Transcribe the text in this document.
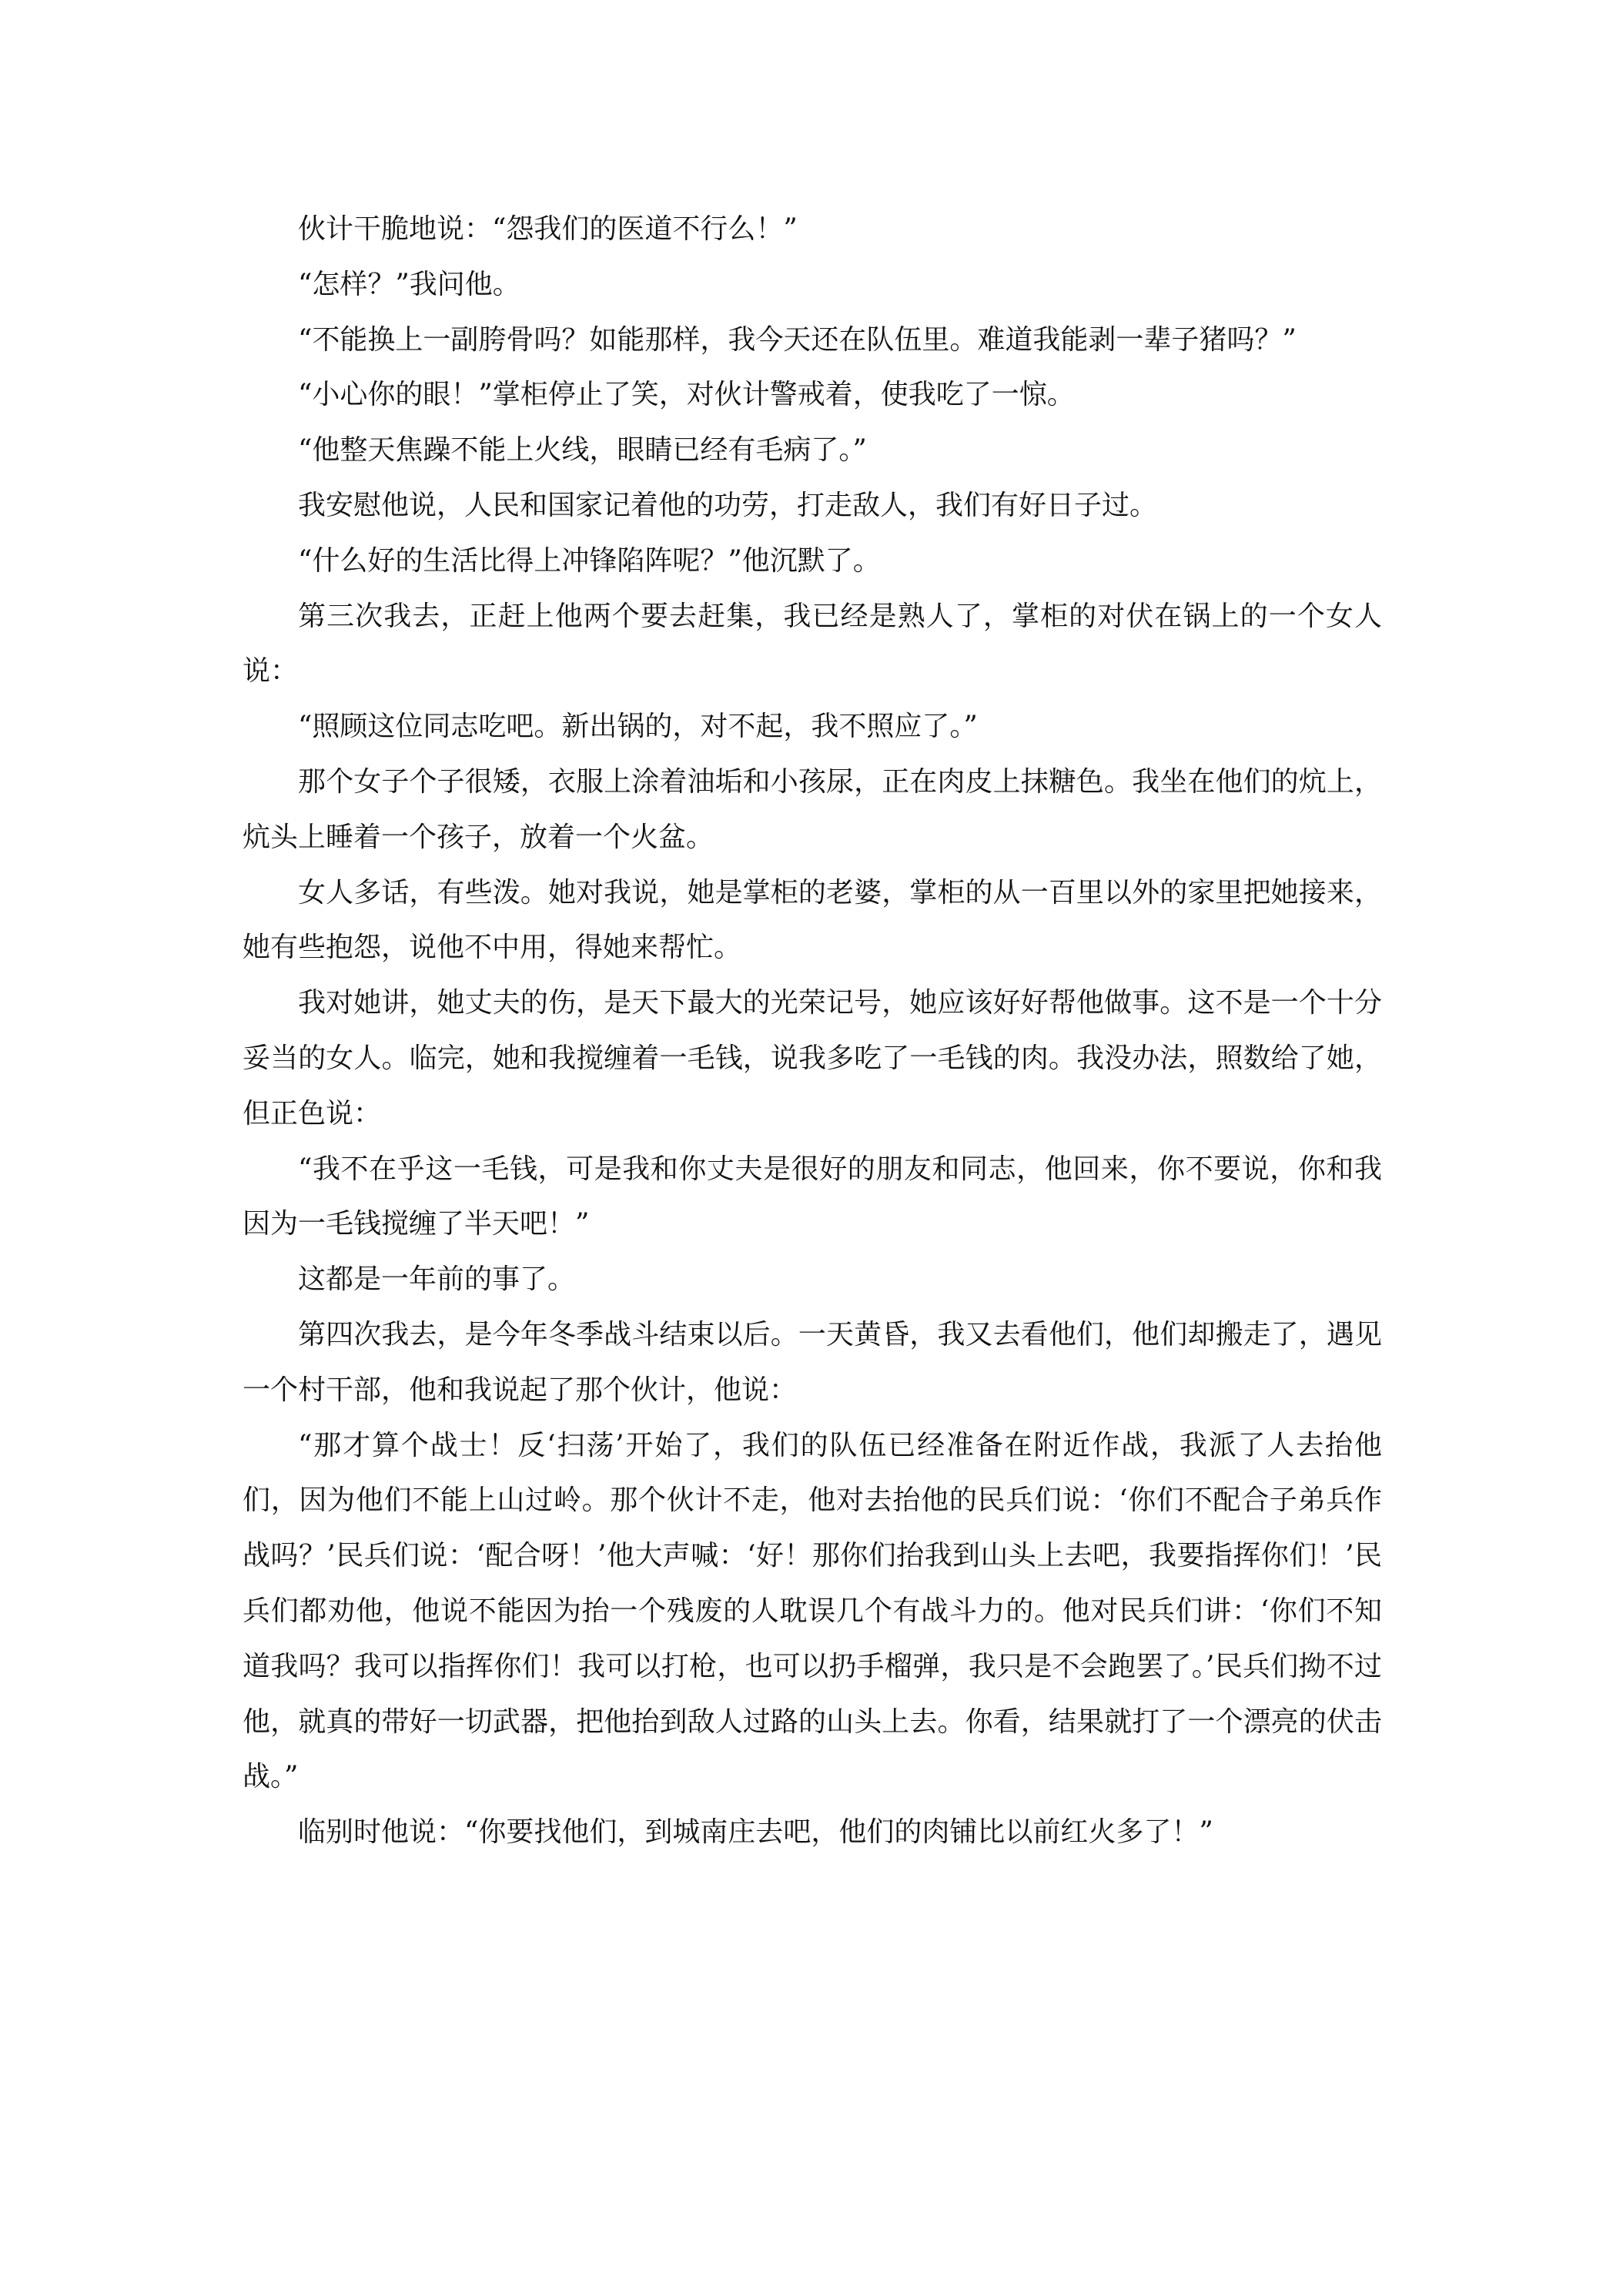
伙计干脆地说：“怨我们的医道不行么！”

“怎样？”我问他。

“不能换上一副胯骨吗？如能那样，我今天还在队伍里。难道我能剥一辈子猪吗？”

“小心你的眼！”掌柜停止了笑，对伙计警戒着，使我吃了一惊。

“他整天焦躁不能上火线，眼睛已经有毛病了。”

我安慰他说，人民和国家记着他的功劳，打走敌人，我们有好日子过。

“什么好的生活比得上冲锋陷阵呢？”他沉默了。

第三次我去，正赶上他两个要去赶集，我已经是熟人了，掌柜的对伏在锅上的一个女人说：

“照顾这位同志吃吧。新出锅的，对不起，我不照应了。”

那个女子个子很矮，衣服上涂着油垢和小孩尿，正在肉皮上抹糖色。我坐在他们的炕上，炕头上睡着一个孩子，放着一个火盆。

女人多话，有些泼。她对我说，她是掌柜的老婆，掌柜的从一百里以外的家里把她接来，她有些抱怨，说他不中用，得她来帮忙。

我对她讲，她丈夫的伤，是天下最大的光荣记号，她应该好好帮他做事。这不是一个十分妥当的女人。临完，她和我搅缠着一毛钱，说我多吃了一毛钱的肉。我没办法，照数给了她，但正色说：

“我不在乎这一毛钱，可是我和你丈夫是很好的朋友和同志，他回来，你不要说，你和我因为一毛钱搅缠了半天吧！”

这都是一年前的事了。

第四次我去，是今年冬季战斗结束以后。一天黄昏，我又去看他们，他们却搬走了，遇见一个村干部，他和我说起了那个伙计，他说：

“那才算个战士！反‘扫荡’开始了，我们的队伍已经准备在附近作战，我派了人去抬他们，因为他们不能上山过岭。那个伙计不走，他对去抬他的民兵们说：‘你们不配合子弟兵作战吗？’民兵们说：‘配合呀！’他大声喊：‘好！那你们抬我到山头上去吧，我要指挥你们！’民兵们都劝他，他说不能因为抬一个残废的人耽误几个有战斗力的。他对民兵们讲：‘你们不知道我吗？我可以指挥你们！我可以打枪，也可以扔手榴弹，我只是不会跑罢了。’民兵们拗不过他，就真的带好一切武器，把他抬到敌人过路的山头上去。你看，结果就打了一个漂亮的伏击战。”

临别时他说：“你要找他们，到城南庄去吧，他们的肉铺比以前红火多了！”
